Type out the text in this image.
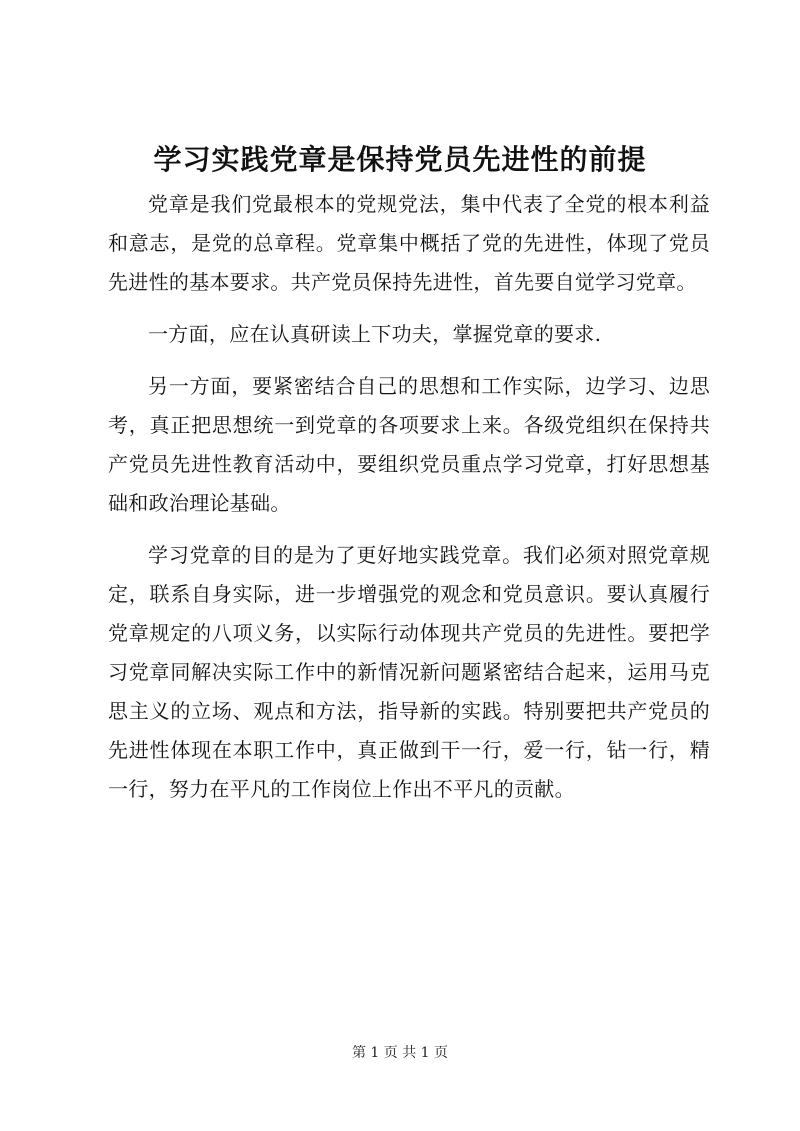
学习实践党章是保持党员先进性的前提

党章是我们党最根本的党规党法，集中代表了全党的根本利益和意志，是党的总章程。党章集中概括了党的先进性，体现了党员先进性的基本要求。共产党员保持先进性，首先要自觉学习党章。

一方面，应在认真研读上下功夫，掌握党章的要求.

另一方面，要紧密结合自己的思想和工作实际，边学习、边思考，真正把思想统一到党章的各项要求上来。各级党组织在保持共产党员先进性教育活动中，要组织党员重点学习党章，打好思想基础和政治理论基础。

学习党章的目的是为了更好地实践党章。我们必须对照党章规定，联系自身实际，进一步增强党的观念和党员意识。要认真履行党章规定的八项义务，以实际行动体现共产党员的先进性。要把学习党章同解决实际工作中的新情况新问题紧密结合起来，运用马克思主义的立场、观点和方法，指导新的实践。特别要把共产党员的先进性体现在本职工作中，真正做到干一行，爱一行，钻一行，精一行，努力在平凡的工作岗位上作出不平凡的贡献。

第 1 页 共 1 页
